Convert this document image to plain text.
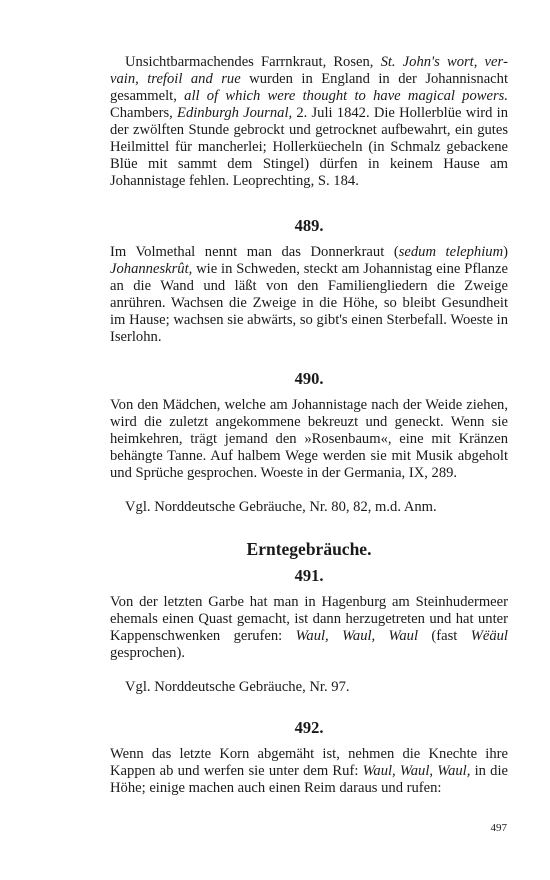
Unsichtbarmachendes Farrnkraut, Rosen, St. John's wort, vervain, trefoil and rue wurden in England in der Johannisnacht gesammelt, all of which were thought to have magical powers. Chambers, Edinburgh Journal, 2. Juli 1842. Die Hollerblüe wird in der zwölften Stunde gebrockt und getrocknet aufbewahrt, ein gutes Heilmittel für mancherlei; Hollerküecheln (in Schmalz gebackene Blüe mit sammt dem Stingel) dürfen in keinem Hause am Johannistage fehlen. Leoprechting, S. 184.

489.

Im Volmethal nennt man das Donnerkraut (sedum telephium) Johanneskrût, wie in Schweden, steckt am Johannistag eine Pflanze an die Wand und läßt von den Familiengliedern die Zweige anrühren. Wachsen die Zweige in die Höhe, so bleibt Gesundheit im Hause; wachsen sie abwärts, so gibt's einen Sterbefall. Woeste in Iserlohn.

490.

Von den Mädchen, welche am Johannistage nach der Weide ziehen, wird die zuletzt angekommene bekreuzt und geneckt. Wenn sie heimkehren, trägt jemand den »Rosenbaum«, eine mit Kränzen behängte Tanne. Auf halbem Wege werden sie mit Musik abgeholt und Sprüche gesprochen. Woeste in der Germania, IX, 289.

Vgl. Norddeutsche Gebräuche, Nr. 80, 82, m.d. Anm.

Erntegebräuche.

491.

Von der letzten Garbe hat man in Hagenburg am Steinhudermeer ehemals einen Quast gemacht, ist dann herzugetreten und hat unter Kappenschwenken gerufen: Waul, Waul, Waul (fast Wëäul gesprochen).

Vgl. Norddeutsche Gebräuche, Nr. 97.

492.

Wenn das letzte Korn abgemäht ist, nehmen die Knechte ihre Kappen ab und werfen sie unter dem Ruf: Waul, Waul, Waul, in die Höhe; einige machen auch einen Reim daraus und rufen:

497
